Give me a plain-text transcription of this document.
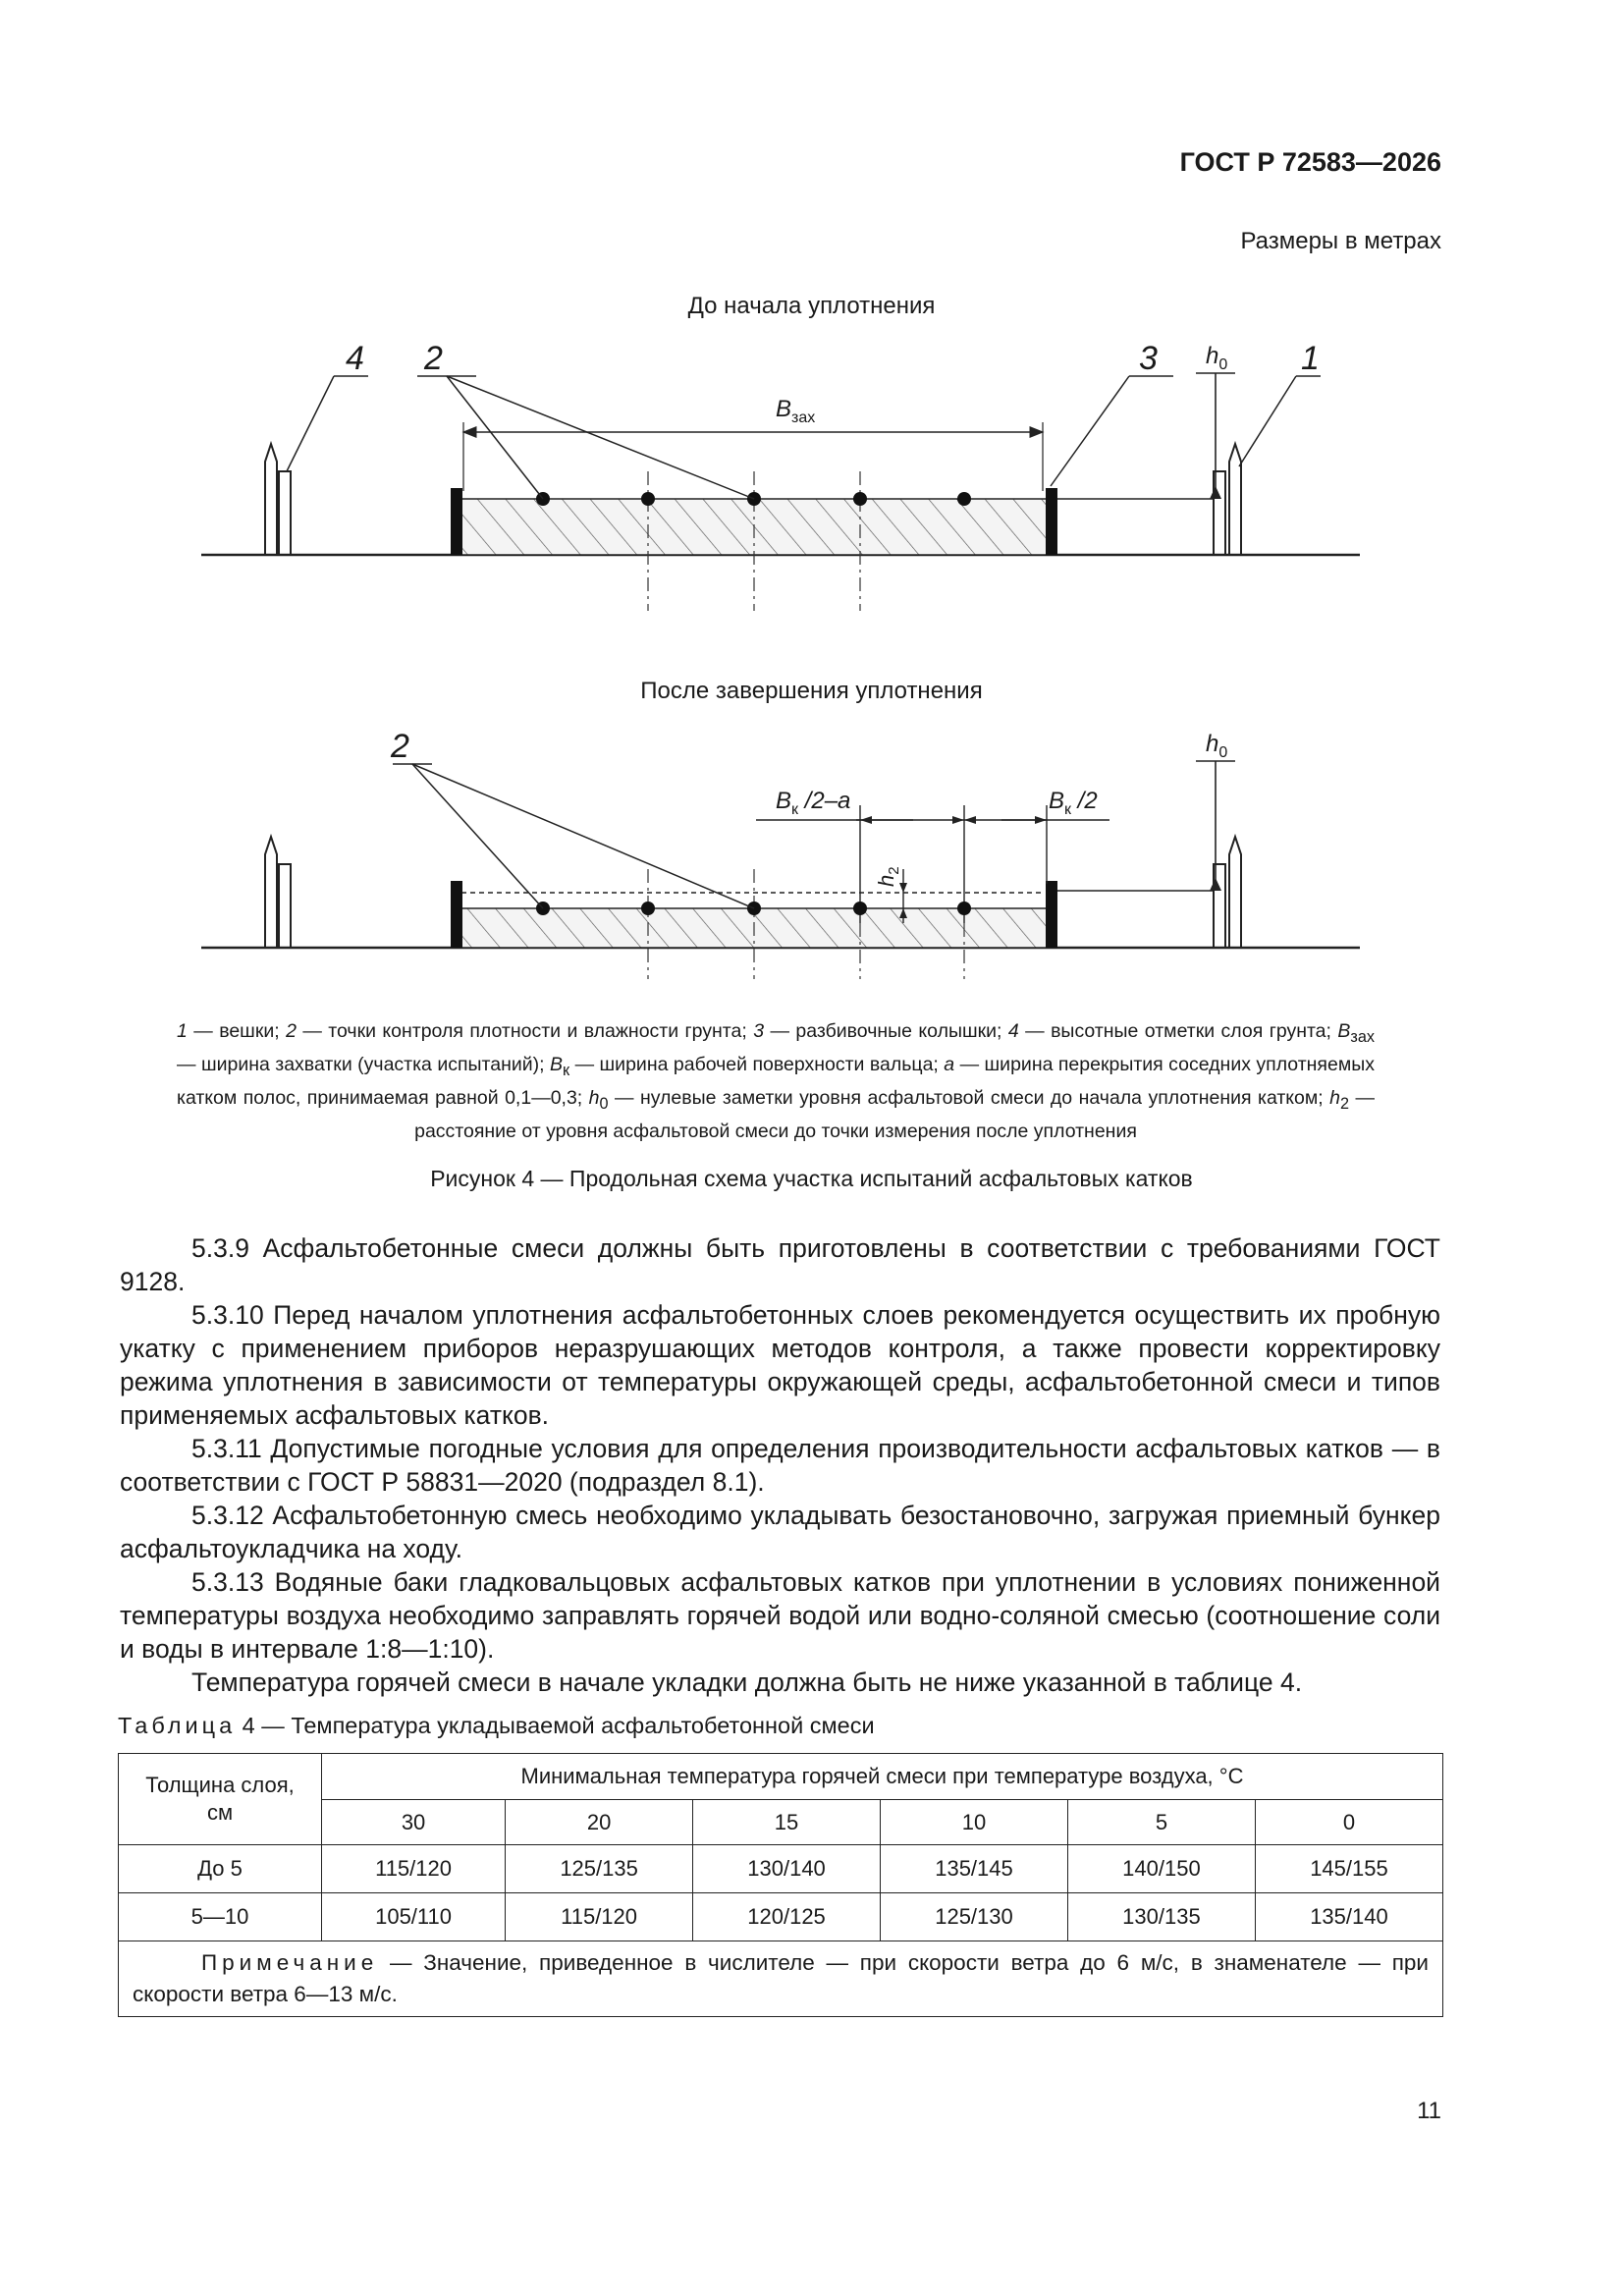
ГОСТ Р 72583—2026
Размеры в метрах
До начала уплотнения
4 2	3	1
$h_0$
$B_{зах}$
После завершения уплотнения
2	$h_0$
$B_к$ /2–a	$B_к$ /2
$h_2$
1 — вешки; 2 — точки контроля плотности и влажности грунта; 3 — разбивочные колышки; 4 — высотные отметки слоя грунта; $B_{зах}$ — ширина захватки (участка испытаний); $B_к$ — ширина рабочей поверхности вальца; a — ширина перекрытия соседних уплотняемых катком полос, принимаемая равной 0,1—0,3; $h_0$ — нулевые заметки уровня асфальтовой смеси до начала уплотнения катком; $h_2$ — расстояние от уровня асфальтовой смеси до точки измерения после уплотнения
Рисунок 4 — Продольная схема участка испытаний асфальтовых катков

5.3.9 Асфальтобетонные смеси должны быть приготовлены в соответствии с требованиями ГОСТ 9128.

5.3.10 Перед началом уплотнения асфальтобетонных слоев рекомендуется осуществить их пробную укатку с применением приборов неразрушающих методов контроля, а также провести корректировку режима уплотнения в зависимости от температуры окружающей среды, асфальтобетонной смеси и типов применяемых асфальтовых катков.

5.3.11 Допустимые погодные условия для определения производительности асфальтовых катков — в соответствии с ГОСТ Р 58831—2020 (подраздел 8.1).

5.3.12 Асфальтобетонную смесь необходимо укладывать безостановочно, загружая приемный бункер асфальтоукладчика на ходу.

5.3.13 Водяные баки гладковальцовых асфальтовых катков при уплотнении в условиях пониженной температуры воздуха необходимо заправлять горячей водой или водно-соляной смесью (соотношение соли и воды в интервале 1:8—1:10).

Температура горячей смеси в начале укладки должна быть не ниже указанной в таблице 4.

Таблица 4 — Температура укладываемой асфальтобетонной смеси
Толщина слоя, см	Минимальная температура горячей смеси при температуре воздуха, °С					
	30	20	15	10	5	0
До 5	115/120	125/135	130/140	135/145	140/150	145/155
5—10	105/110	115/120	120/125	125/130	130/135	135/140
Примечание — Значение, приведенное в числителе — при скорости ветра до 6 м/с, в знаменателе — при скорости ветра 6—13 м/с.						
11
